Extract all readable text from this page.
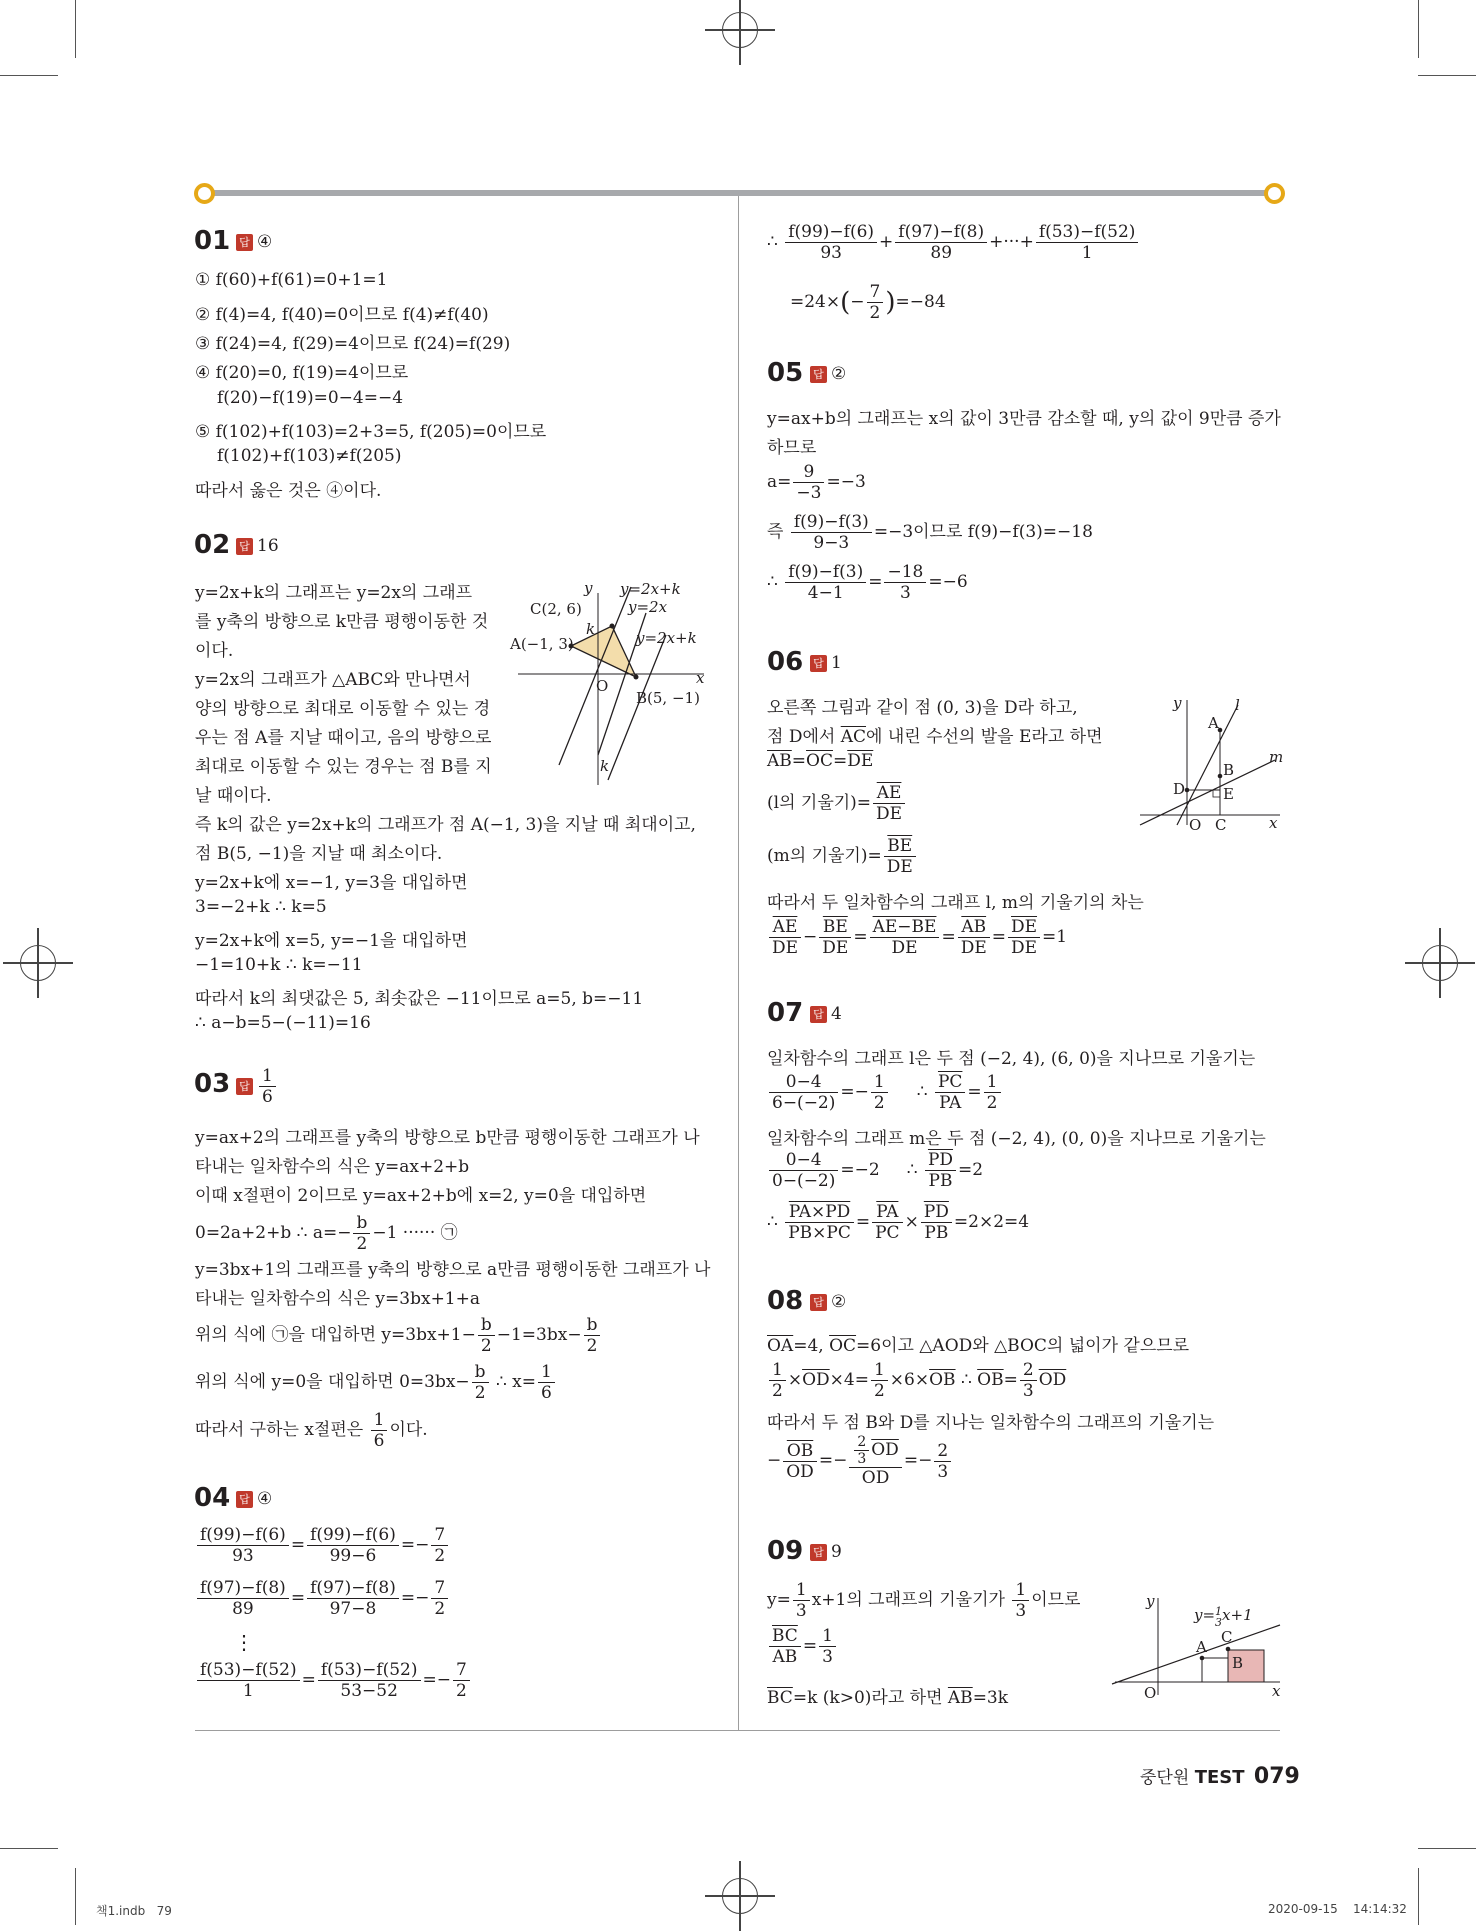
01 답 ④
① f(60)+f(61)=0+1=1
② f(4)=4, f(40)=0이므로 f(4)≠f(40)
③ f(24)=4, f(29)=4이므로 f(24)=f(29)
④ f(20)=0, f(19)=4이므로
f(20)−f(19)=0−4=−4
⑤ f(102)+f(103)=2+3=5, f(205)=0이므로
f(102)+f(103)≠f(205)
따라서 옳은 것은 ④이다.
02 답 16
y=2x+k의 그래프는 y=2x의 그래프
를 y축의 방향으로 k만큼 평행이동한 것
이다.
y=2x의 그래프가 △ABC와 만나면서
양의 방향으로 최대로 이동할 수 있는 경
우는 점 A를 지날 때이고, 음의 방향으로
최대로 이동할 수 있는 경우는 점 B를 지
날 때이다.
즉 k의 값은 y=2x+k의 그래프가 점 A(−1, 3)을 지날 때 최대이고,
점 B(5, −1)을 지날 때 최소이다.
y=2x+k에 x=−1, y=3을 대입하면
3=−2+k ∴ k=5
y=2x+k에 x=5, y=−1을 대입하면
−1=10+k ∴ k=−11
따라서 k의 최댓값은 5, 최솟값은 −11이므로 a=5, b=−11
∴ a−b=5−(−11)=16
y
x
O
C(2, 6)
A(−1, 3)
B(5, −1)
k
k
y=2x+k
y=2x
y=2x+k
03 답 $\frac{1}{6}$
y=ax+2의 그래프를 y축의 방향으로 b만큼 평행이동한 그래프가 나
타내는 일차함수의 식은 y=ax+2+b
이때 x절편이 2이므로 y=ax+2+b에 x=2, y=0을 대입하면
0=2a+2+b ∴ $a=- \frac{b}{2} -1$ ······ ㉠
y=3bx+1의 그래프를 y축의 방향으로 a만큼 평행이동한 그래프가 나
타내는 일차함수의 식은 y=3bx+1+a
위의 식에 ㉠을 대입하면 $y=3bx+1- \frac{b}{2} -1=3bx- \frac{b}{2}$
위의 식에 y=0을 대입하면 $0=3bx- \frac{b}{2}$ ∴ $x= \frac{1}{6}$
따라서 구하는 x절편은 $\frac{1}{6}$ 이다.
04 답 ④
$\frac{f(99)-f(6)}{93} = \frac{f(99)-f(6)}{99-6} =- \frac{7}{2}$
$\frac{f(97)-f(8)}{89} = \frac{f(97)-f(8)}{97-8} =- \frac{7}{2}$
⋮
$\frac{f(53)-f(52)}{1} = \frac{f(53)-f(52)}{53-52} =- \frac{7}{2}$
∴ $\frac{f(99)-f(6)}{93} + \frac{f(97)-f(8)}{89}$ +···+ $\frac{f(53)-f(52)}{1}$
$=24\times(- \frac{7}{2} )=-84$
05 답 ②
y=ax+b의 그래프는 x의 값이 3만큼 감소할 때, y의 값이 9만큼 증가
하므로
$a= \frac{9}{-3} =-3$
즉 $\frac{f(9)-f(3)}{9-3} =-3$이므로 f(9)−f(3)=−18
∴ $\frac{f(9)-f(3)}{4-1} = \frac{-18}{3} =-6$
06 답 1
오른쪽 그림과 같이 점 (0, 3)을 D라 하고,
점 D에서 $\overline{AC}$에 내린 수선의 발을 E라고 하면
$\overline{AB}=\overline{OC}=\overline{DE}$
(l의 기울기)= $\frac{\overline{AE}}{DE}$
(m의 기울기)= $\frac{\overline{BE}}{DE}$
따라서 두 일차함수의 그래프 l, m의 기울기의 차는
$\frac{\overline{AE}}{DE} - \frac{\overline{BE}}{DE} = \frac{AE-BE}{DE} = \frac{\overline{AB}}{DE} = \frac{\overline{DE}}{DE} =1$
y
x
O C
A
B
D	E
l
m
07 답 4
일차함수의 그래프 l은 두 점 (−2, 4), (6, 0)을 지나므로 기울기는
$\frac{0-4}{6-(-2)} =- \frac{1}{2}$ ∴ $\frac{\overline{PC}}{PA} = \frac{1}{2}$
일차함수의 그래프 m은 두 점 (−2, 4), (0, 0)을 지나므로 기울기는
$\frac{0-4}{0-(-2)} =-2$     ∴ $\frac{\overline{PD}}{PB} =2$
∴ $\frac{PA\times PD}{PB\times PC} = \frac{\overline{PA}}{PC} \times \frac{\overline{PD}}{PB} =2\times 2=4$
08 답 ②
$\overline{OA}=4$, $\overline{OC}=6$이고 △AOD와 △BOC의 넓이가 같으므로
$\frac{1}{2} \times\overline{OD}\times 4= \frac{1}{2} \times 6\times\overline{OB}$ ∴ $\overline{OB}= \frac{2}{3} \overline{OD}$
따라서 두 점 B와 D를 지나는 일차함수의 그래프의 기울기는
− $\frac{\overline{OB}}{OD} =- \frac{\frac{2}{3} \overline{OD}}{OD} =- \frac{2}{3}$
09 답 9
$y= \frac{1}{3} x+1$의 그래프의 기울기가 $\frac{1}{3}$ 이므로
$\frac{\overline{BC}}{AB} = \frac{1}{3}$
$\overline{BC}=k$ (k>0)라고 하면 $\overline{AB}=3k$
y
x
O
A
B
C
y=$^1$ 3x+1
중단원 TEST 079
책1.indb   79	2020-09-15    14:14:32
